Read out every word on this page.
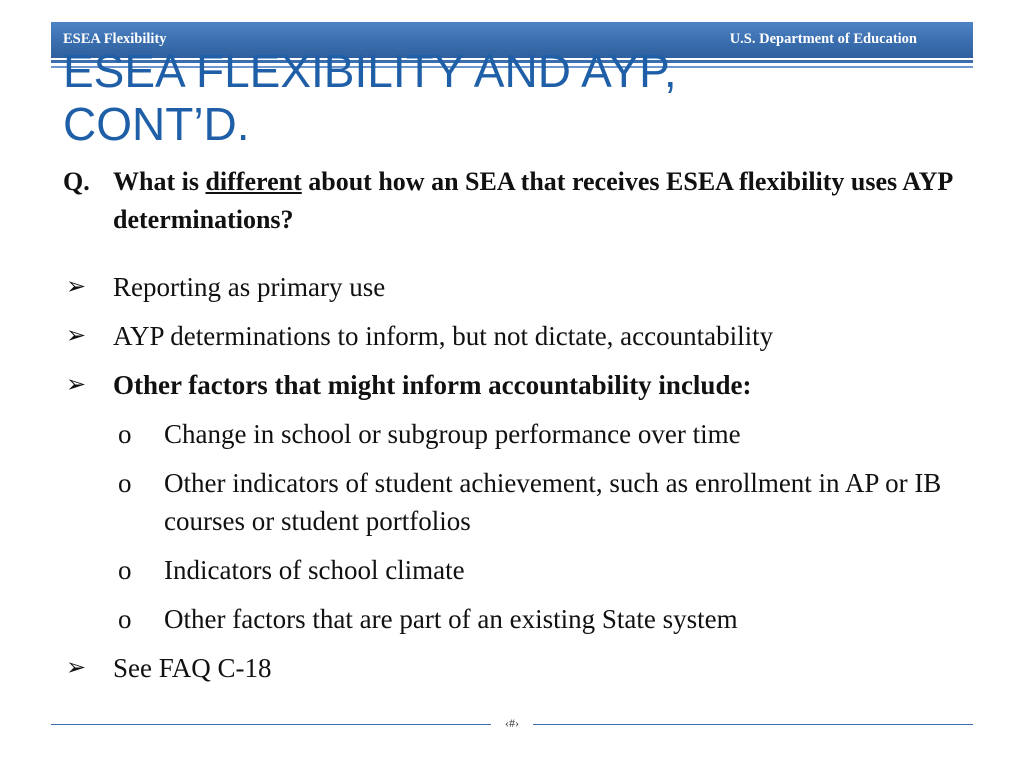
ESEA Flexibility	U.S. Department of Education
ESEA FLEXIBILITY AND AYP, CONT’D.
Q. What is different about how an SEA that receives ESEA flexibility uses AYP determinations?
➢ Reporting as primary use
➢ AYP determinations to inform, but not dictate, accountability
➢ Other factors that might inform accountability include:
o Change in school or subgroup performance over time
o Other indicators of student achievement, such as enrollment in AP or IB courses or student portfolios
o Indicators of school climate
o Other factors that are part of an existing State system
➢ See FAQ C-18
‹#›
